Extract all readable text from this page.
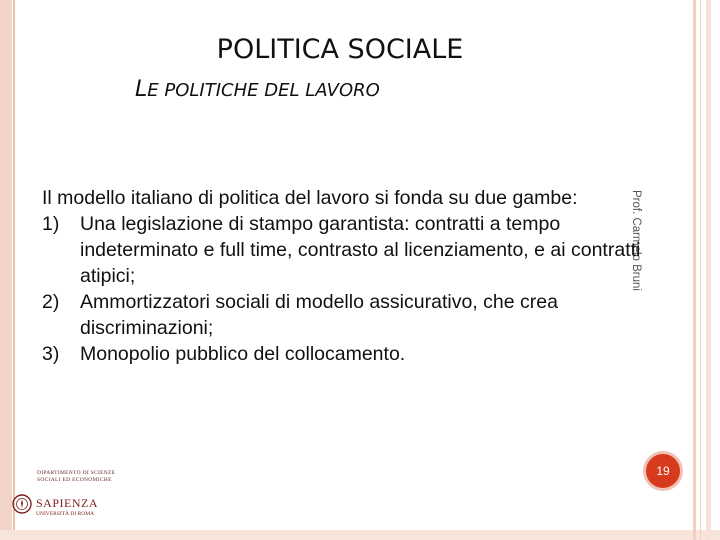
POLITICA SOCIALE
LE POLITICHE DEL LAVORO
Prof. Carmelo Bruni

Il modello italiano di politica del lavoro si fonda su due gambe:

1)	Una legislazione di stampo garantista: contratti a tempo indeterminato e full time, contrasto al licenziamento, e ai contratti atipici;
2)	Ammortizzatori sociali di modello assicurativo, che crea discriminazioni;
3)	Monopolio pubblico del collocamento.
19
DIPARTIMENTO DI SCIENZE SOCIALI ED ECONOMICHE
SAPIENZA
UNIVERSITÀ DI ROMA
